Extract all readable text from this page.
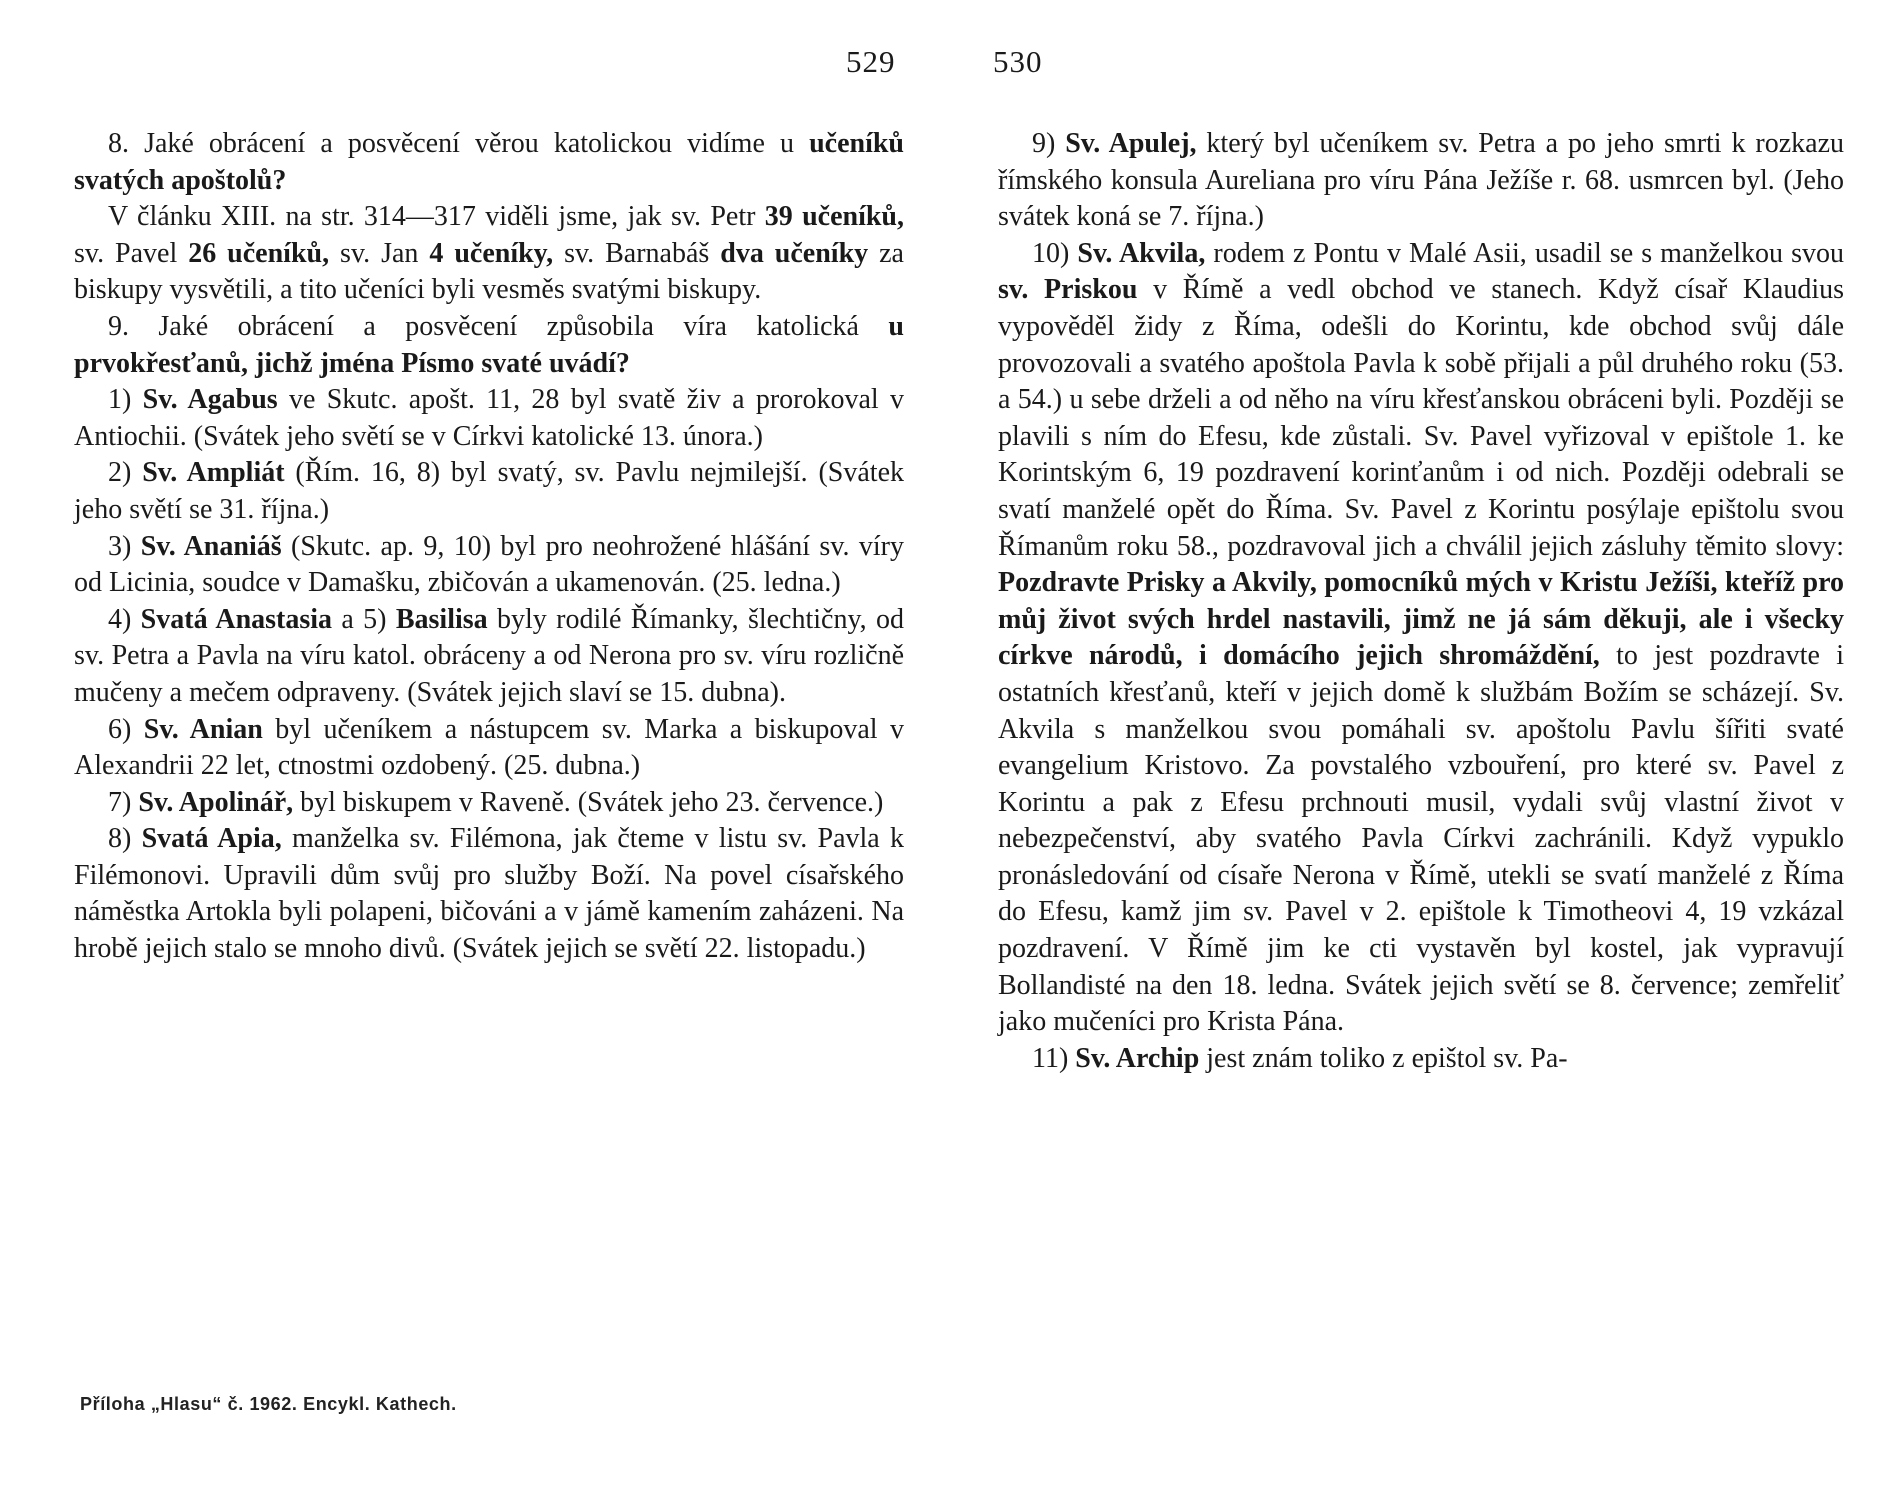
529	530

8. Jaké obrácení a posvěcení věrou katolickou vidíme u učeníků svatých apoštolů?

V článku XIII. na str. 314—317 viděli jsme, jak sv. Petr 39 učeníků, sv. Pavel 26 učeníků, sv. Jan 4 učeníky, sv. Barnabáš dva učeníky za biskupy vysvětili, a tito učeníci byli vesměs svatými biskupy.

9. Jaké obrácení a posvěcení způsobila víra katolická u prvokřesťanů, jichž jména Písmo svaté uvádí?

1) Sv. Agabus ve Skutc. apošt. 11, 28 byl svatě živ a prorokoval v Antiochii. (Svátek jeho světí se v Církvi katolické 13. února.)

2) Sv. Ampliát (Řím. 16, 8) byl svatý, sv. Pavlu nejmilejší. (Svátek jeho světí se 31. října.)

3) Sv. Ananiáš (Skutc. ap. 9, 10) byl pro neohrožené hlášání sv. víry od Licinia, soudce v Damašku, zbičován a ukamenován. (25. ledna.)

4) Svatá Anastasia a 5) Basilisa byly rodilé Římanky, šlechtičny, od sv. Petra a Pavla na víru katol. obráceny a od Nerona pro sv. víru rozličně mučeny a mečem odpraveny. (Svátek jejich slaví se 15. dubna).

6) Sv. Anian byl učeníkem a nástupcem sv. Marka a biskupoval v Alexandrii 22 let, ctnostmi ozdobený. (25. dubna.)

7) Sv. Apolinář, byl biskupem v Raveně. (Svátek jeho 23. července.)

8) Svatá Apia, manželka sv. Filémona, jak čteme v listu sv. Pavla k Filémonovi. Upravili dům svůj pro služby Boží. Na povel císařského náměstka Artokla byli polapeni, bičováni a v jámě kamením zaházeni. Na hrobě jejich stalo se mnoho divů. (Svátek jejich se světí 22. listopadu.)

9) Sv. Apulej, který byl učeníkem sv. Petra a po jeho smrti k rozkazu římského konsula Aureliana pro víru Pána Ježíše r. 68. usmrcen byl. (Jeho svátek koná se 7. října.)

10) Sv. Akvila, rodem z Pontu v Malé Asii, usadil se s manželkou svou sv. Priskou v Římě a vedl obchod ve stanech. Když císař Klaudius vypověděl židy z Říma, odešli do Korintu, kde obchod svůj dále provozovali a svatého apoštola Pavla k sobě přijali a půl druhého roku (53. a 54.) u sebe drželi a od něho na víru křesťanskou obráceni byli. Později se plavili s ním do Efesu, kde zůstali. Sv. Pavel vyřizoval v epištole 1. ke Korintským 6, 19 pozdravení korinťanům i od nich. Později odebrali se svatí manželé opět do Říma. Sv. Pavel z Korintu posýlaje epištolu svou Římanům roku 58., pozdravoval jich a chválil jejich zásluhy těmito slovy: Pozdravte Prisky a Akvily, pomocníků mých v Kristu Ježíši, kteříž pro můj život svých hrdel nastavili, jimž ne já sám děkuji, ale i všecky církve národů, i domácího jejich shromáždění, to jest pozdravte i ostatních křesťanů, kteří v jejich domě k službám Božím se scházejí. Sv. Akvila s manželkou svou pomáhali sv. apoštolu Pavlu šířiti svaté evangelium Kristovo. Za povstalého vzbouření, pro které sv. Pavel z Korintu a pak z Efesu prchnouti musil, vydali svůj vlastní život v nebezpečenství, aby svatého Pavla Církvi zachránili. Když vypuklo pronásledování od císaře Nerona v Římě, utekli se svatí manželé z Říma do Efesu, kamž jim sv. Pavel v 2. epištole k Timotheovi 4, 19 vzkázal pozdravení. V Římě jim ke cti vystavěn byl kostel, jak vypravují Bollandisté na den 18. ledna. Svátek jejich světí se 8. července; zemřeliť jako mučeníci pro Krista Pána.

11) Sv. Archip jest znám toliko z epištol sv. Pa-

Příloha „Hlasu“ č. 1962. Encykl. Kathech.
